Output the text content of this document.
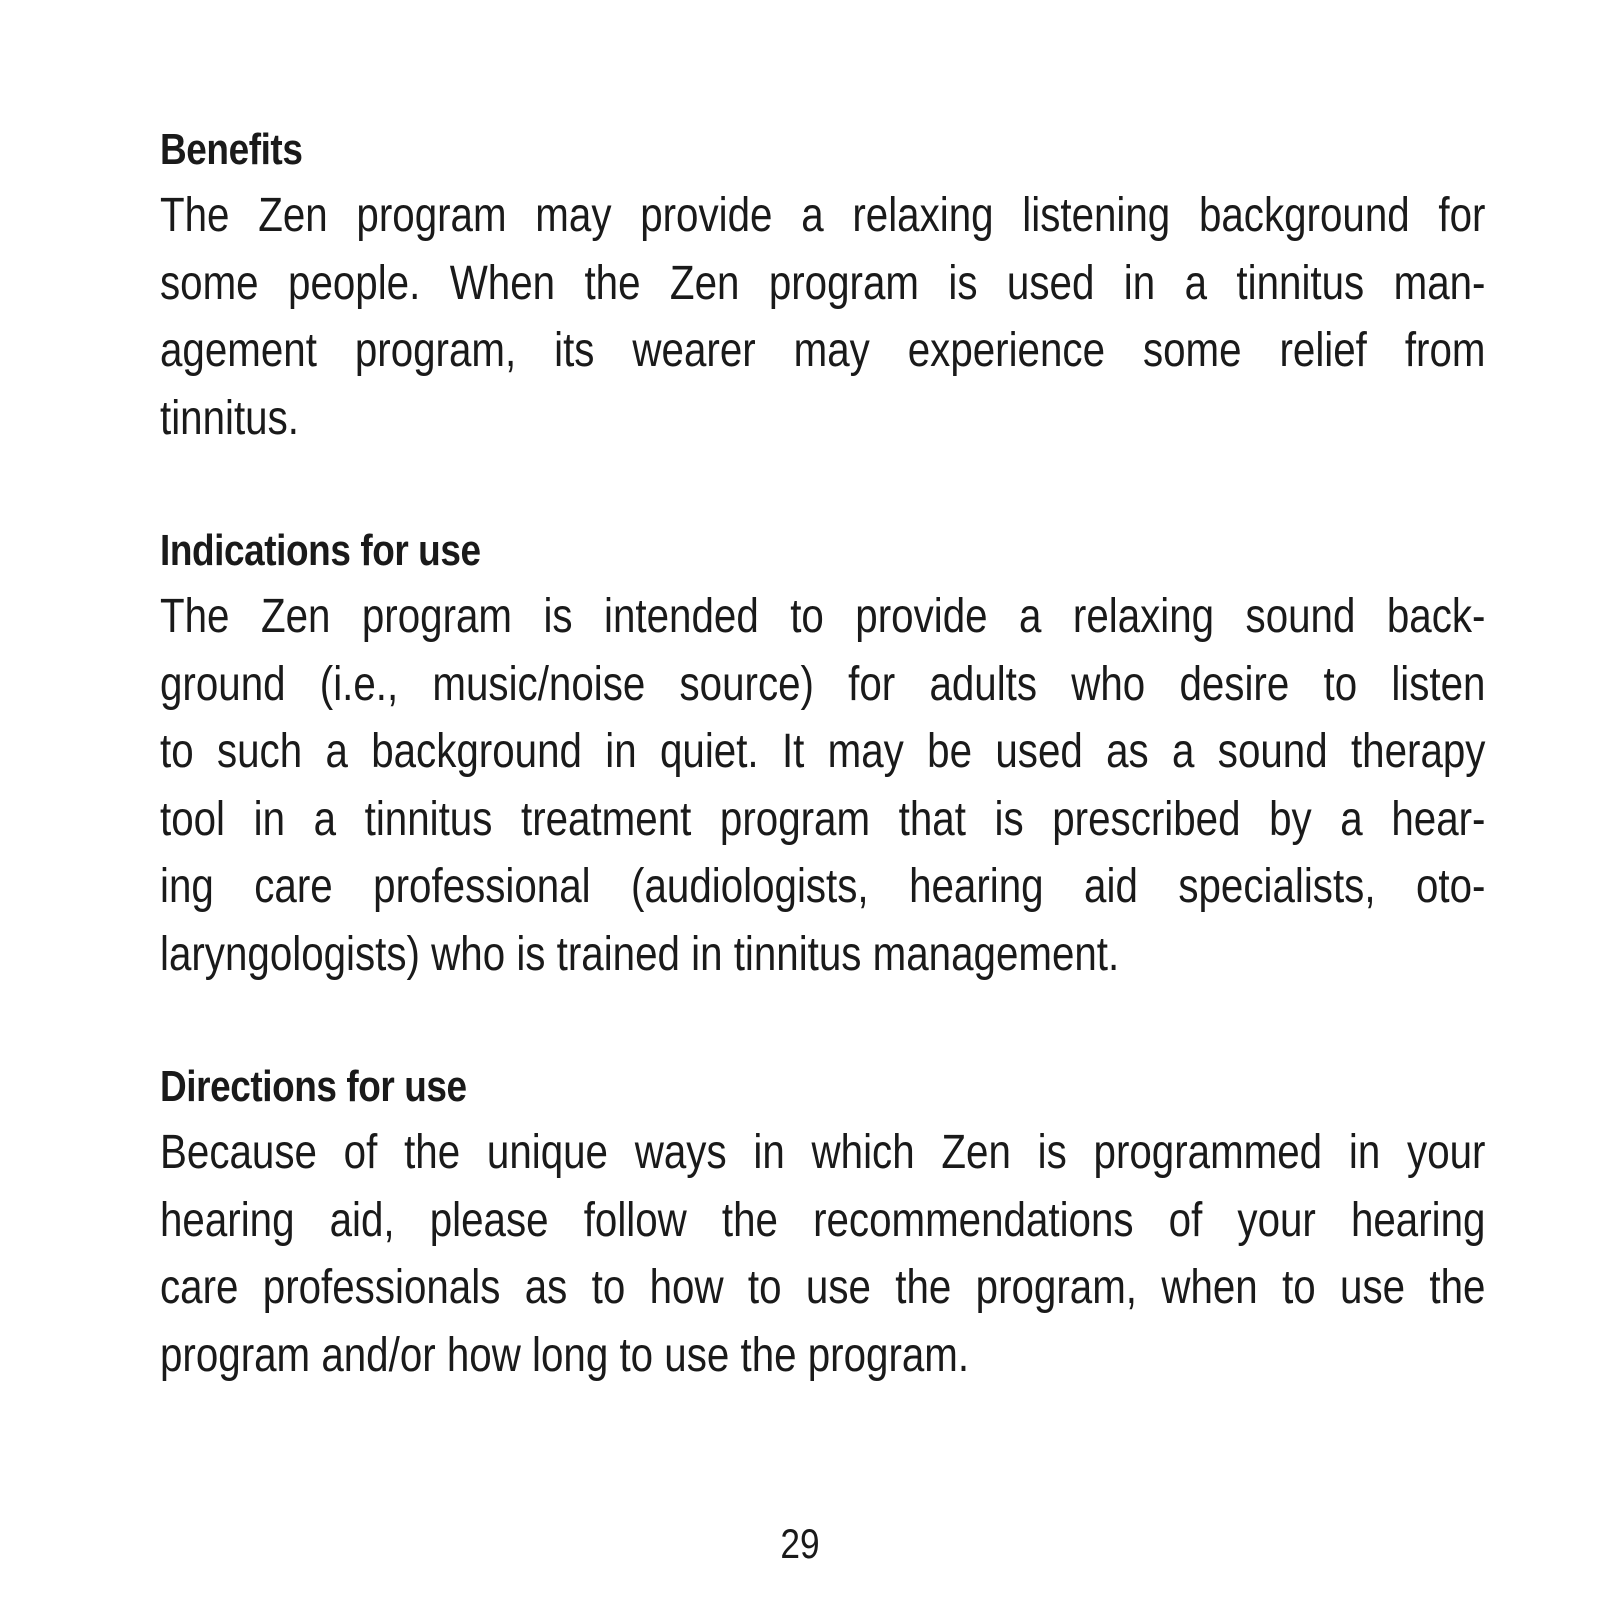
Benefits

The Zen program may provide a relaxing listening background for

some people. When the Zen program is used in a tinnitus man-

agement program, its wearer may experience some relief from

tinnitus.

Indications for use

The Zen program is intended to provide a relaxing sound back-

ground (i.e., music/noise source) for adults who desire to listen

to such a background in quiet. It may be used as a sound therapy

tool in a tinnitus treatment program that is prescribed by a hear-

ing care professional (audiologists, hearing aid specialists, oto-

laryngologists) who is trained in tinnitus management.

Directions for use

Because of the unique ways in which Zen is programmed in your

hearing aid, please follow the recommendations of your hearing

care professionals as to how to use the program, when to use the

program and/or how long to use the program.

29
